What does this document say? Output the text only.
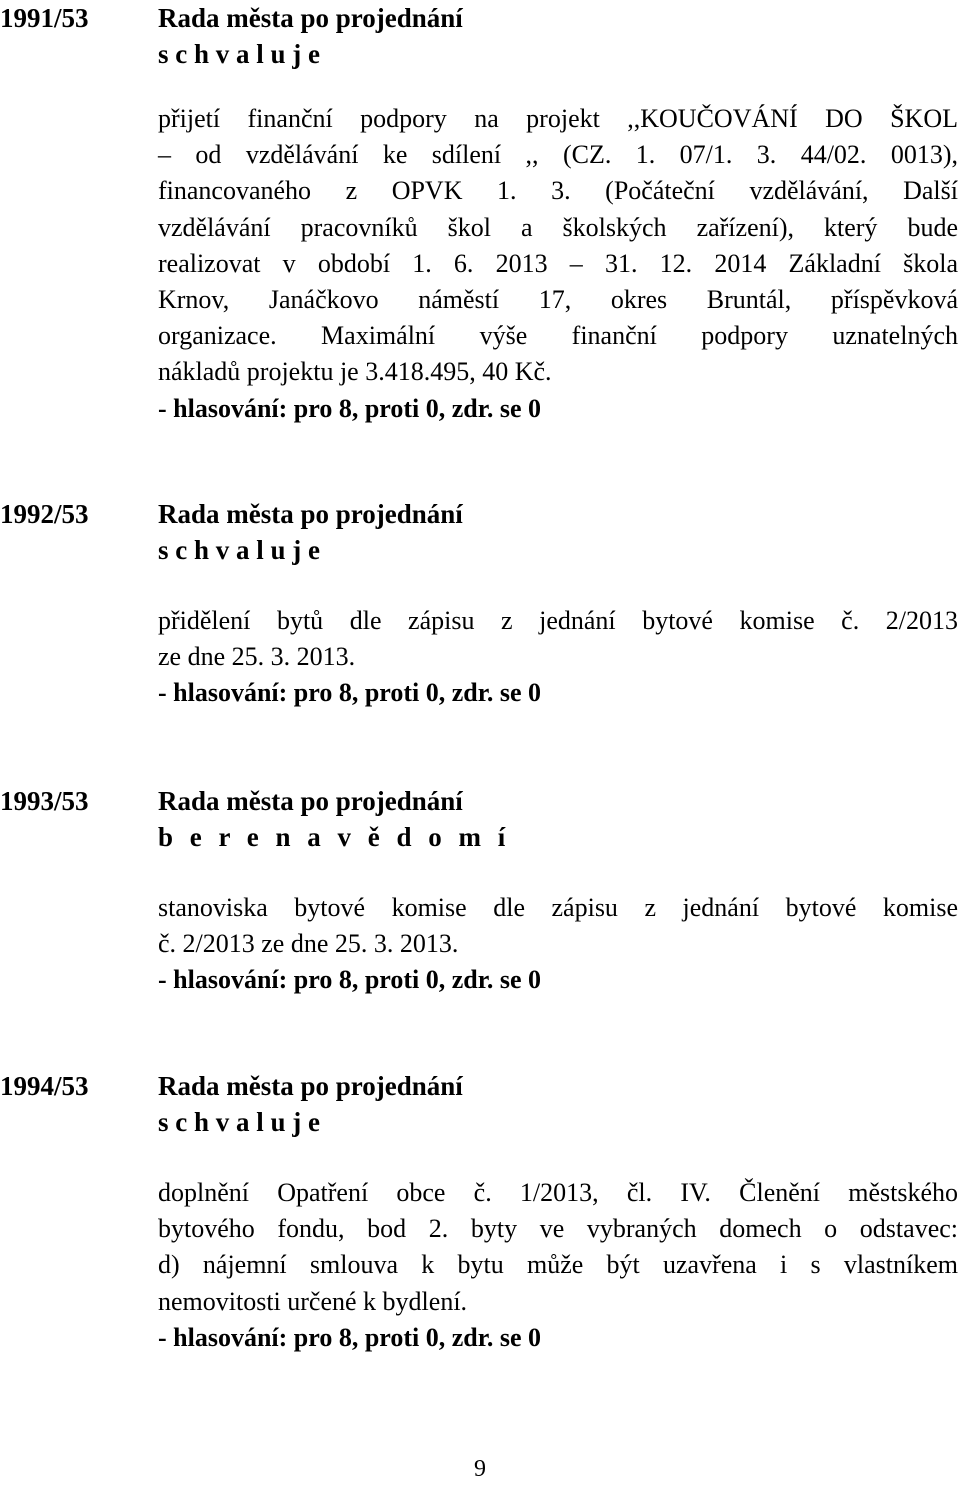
1991/53	Rada města po projednání
s c h v a l u j e
přijetí finanční podpory na projekt ,,KOUČOVÁNÍ DO ŠKOL
– od vzdělávání ke sdílení ,, (CZ. 1. 07/1. 3. 44/02. 0013),
financovaného z OPVK 1. 3. (Počáteční vzdělávání, Další
vzdělávání pracovníků škol a školských zařízení), který bude
realizovat v období 1. 6. 2013 – 31. 12. 2014 Základní škola
Krnov, Janáčkovo náměstí 17, okres Bruntál, příspěvková
organizace. Maximální výše finanční podpory uznatelných
nákladů projektu je 3.418.495, 40 Kč.
- hlasování: pro 8, proti 0, zdr. se 0
1992/53	Rada města po projednání
s c h v a l u j e
přidělení bytů dle zápisu z jednání bytové komise č. 2/2013
ze dne 25. 3. 2013.
- hlasování: pro 8, proti 0, zdr. se 0
1993/53	Rada města po projednání
b e r e n a v ě d o m í
stanoviska bytové komise dle zápisu z jednání bytové komise
č. 2/2013 ze dne 25. 3. 2013.
- hlasování: pro 8, proti 0, zdr. se 0
1994/53	Rada města po projednání
s c h v a l u j e
doplnění Opatření obce č. 1/2013, čl. IV. Členění městského
bytového fondu, bod 2. byty ve vybraných domech o odstavec:
d) nájemní smlouva k bytu může být uzavřena i s vlastníkem
nemovitosti určené k bydlení.
- hlasování: pro 8, proti 0, zdr. se 0
9
